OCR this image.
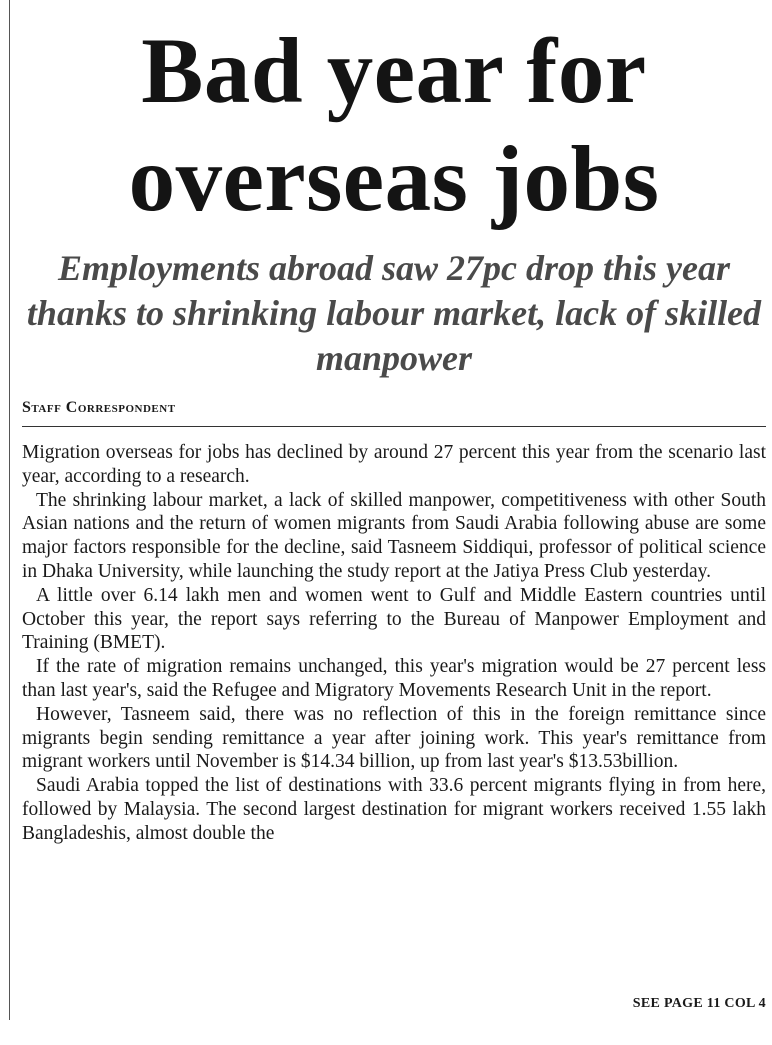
Bad year for overseas jobs
Employments abroad saw 27pc drop this year thanks to shrinking labour market, lack of skilled manpower
Staff Correspondent

Migration overseas for jobs has declined by around 27 percent this year from the scenario last year, according to a research.

The shrinking labour market, a lack of skilled manpower, competitiveness with other South Asian nations and the return of women migrants from Saudi Arabia following abuse are some major factors responsible for the decline, said Tasneem Siddiqui, professor of political science in Dhaka University, while launching the study report at the Jatiya Press Club yesterday.

A little over 6.14 lakh men and women went to Gulf and Middle Eastern countries until October this year, the report says referring to the Bureau of Manpower Employment and Training (BMET).

If the rate of migration remains unchanged, this year's migration would be 27 percent less than last year's, said the Refugee and Migratory Movements Research Unit in the report.

However, Tasneem said, there was no reflection of this in the foreign remittance since migrants begin sending remittance a year after joining work. This year's remittance from migrant workers until November is $14.34 billion, up from last year's $13.53billion.

Saudi Arabia topped the list of destinations with 33.6 percent migrants flying in from here, followed by Malaysia. The second largest destination for migrant workers received 1.55 lakh Bangladeshis, almost double the

SEE PAGE 11 COL 4
